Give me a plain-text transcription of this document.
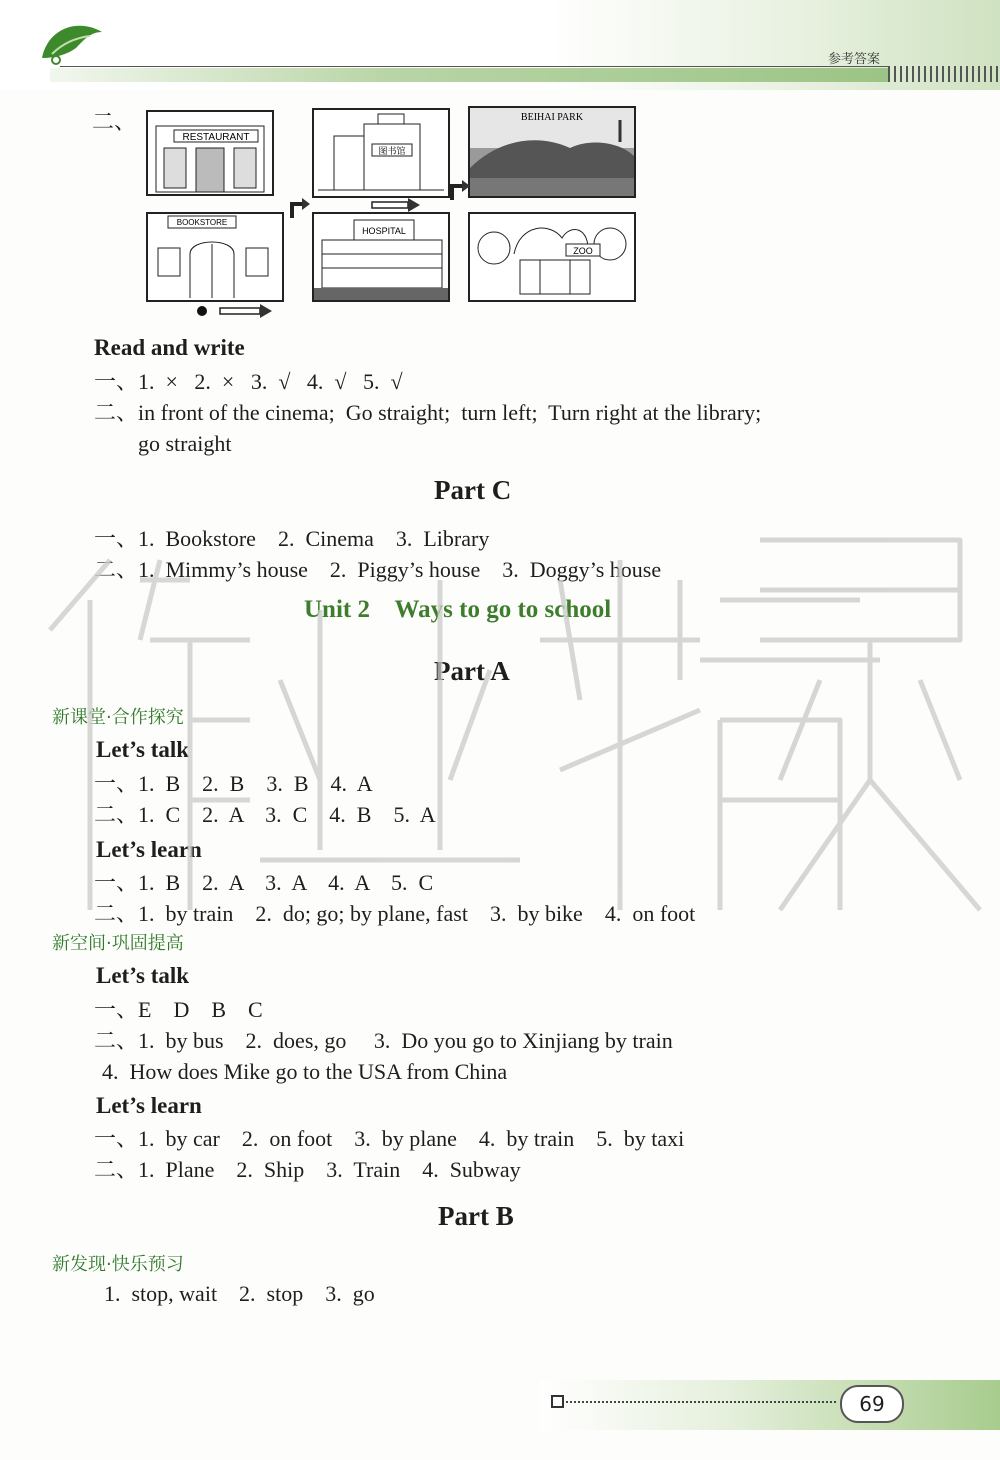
参考答案
二、
RESTAURANT
图书馆
BEIHAI PARK
BOOKSTORE
HOSPITAL
ZOO
Read and write
一、1.  ×   2.  ×   3.  √   4.  √   5.  √
二、in front of the cinema;  Go straight;  turn left;  Turn right at the library;
go straight
Part C
一、1.  Bookstore    2.  Cinema    3.  Library
二、1.  Mimmy’s house    2.  Piggy’s house    3.  Doggy’s house
Unit 2    Ways to go to school
Part A
新课堂·合作探究
Let’s talk
一、1.  B    2.  B    3.  B    4.  A
二、1.  C    2.  A    3.  C    4.  B    5.  A
Let’s learn
一、1.  B    2.  A    3.  A    4.  A    5.  C
二、1.  by train    2.  do; go; by plane, fast    3.  by bike    4.  on foot
新空间·巩固提高
Let’s talk
一、E    D    B    C
二、1.  by bus    2.  does, go     3.  Do you go to Xinjiang by train
4.  How does Mike go to the USA from China
Let’s learn
一、1.  by car    2.  on foot    3.  by plane    4.  by train    5.  by taxi
二、1.  Plane    2.  Ship    3.  Train    4.  Subway
Part B
新发现·快乐预习
1.  stop, wait    2.  stop    3.  go
69
